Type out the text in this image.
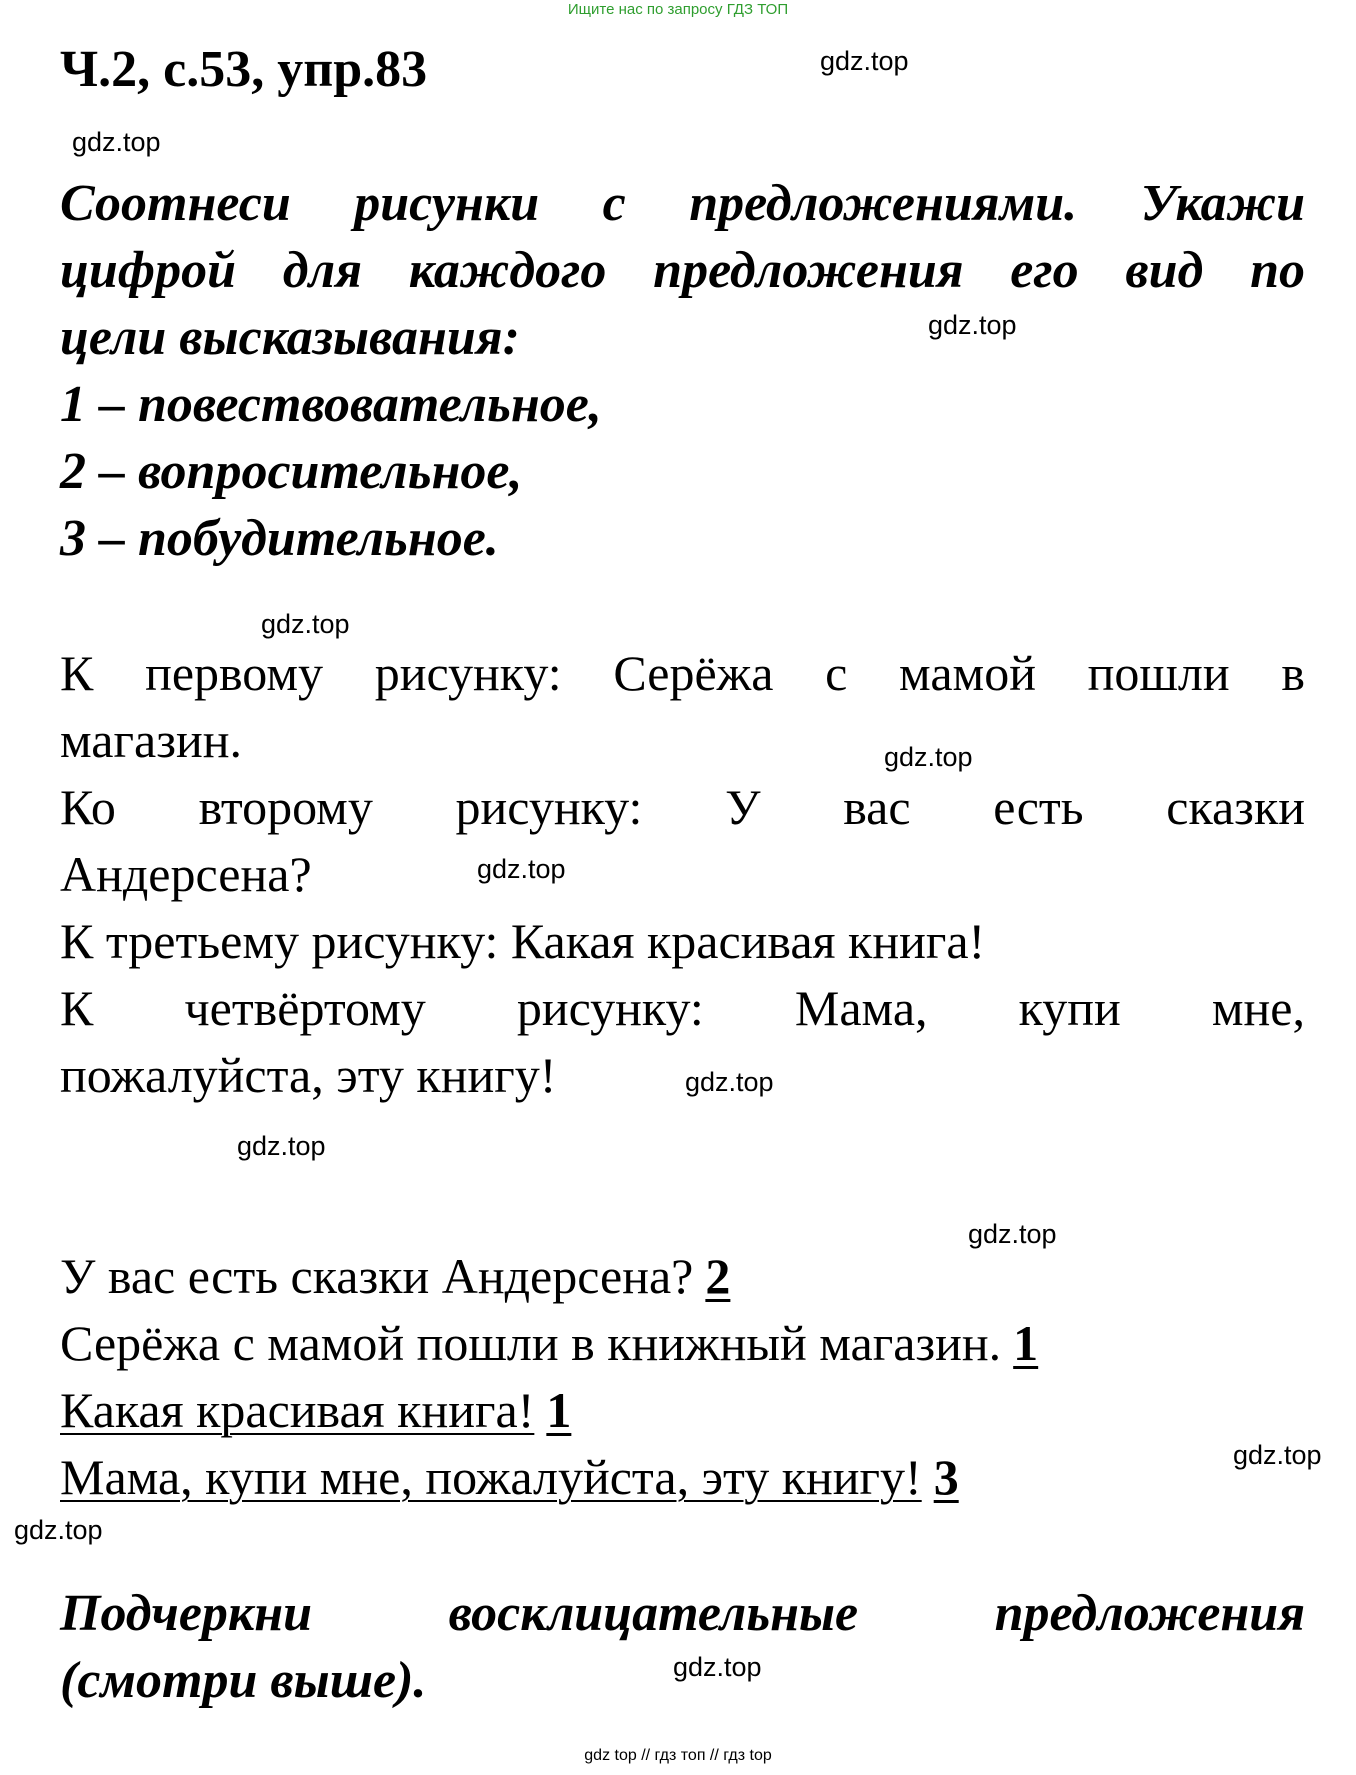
Ищите нас по запросу ГДЗ ТОП
Ч.2, с.53, упр.83	gdz.top
gdz.top
gdz.top
gdz.top
gdz.top
gdz.top
gdz.top
gdz.top
gdz.top
gdz.top
gdz.top
gdz.top
Соотнеси рисунки с предложениями. Укажи
цифрой для каждого предложения его вид по
цели высказывания:
1 – повествовательное,
2 – вопросительное,
3 – побудительное.
К первому рисунку: Серёжа с мамой пошли в
магазин.
Ко второму рисунку: У вас есть сказки
Андерсена?
К третьему рисунку: Какая красивая книга!
К четвёртому рисунку: Мама, купи мне,
пожалуйста, эту книгу!
У вас есть сказки Андерсена? 2
Серёжа с мамой пошли в книжный магазин. 1
Какая красивая книга! 1
Мама, купи мне, пожалуйста, эту книгу! 3
Подчеркни восклицательные предложения
(смотри выше).
gdz top // гдз топ // гдз top
